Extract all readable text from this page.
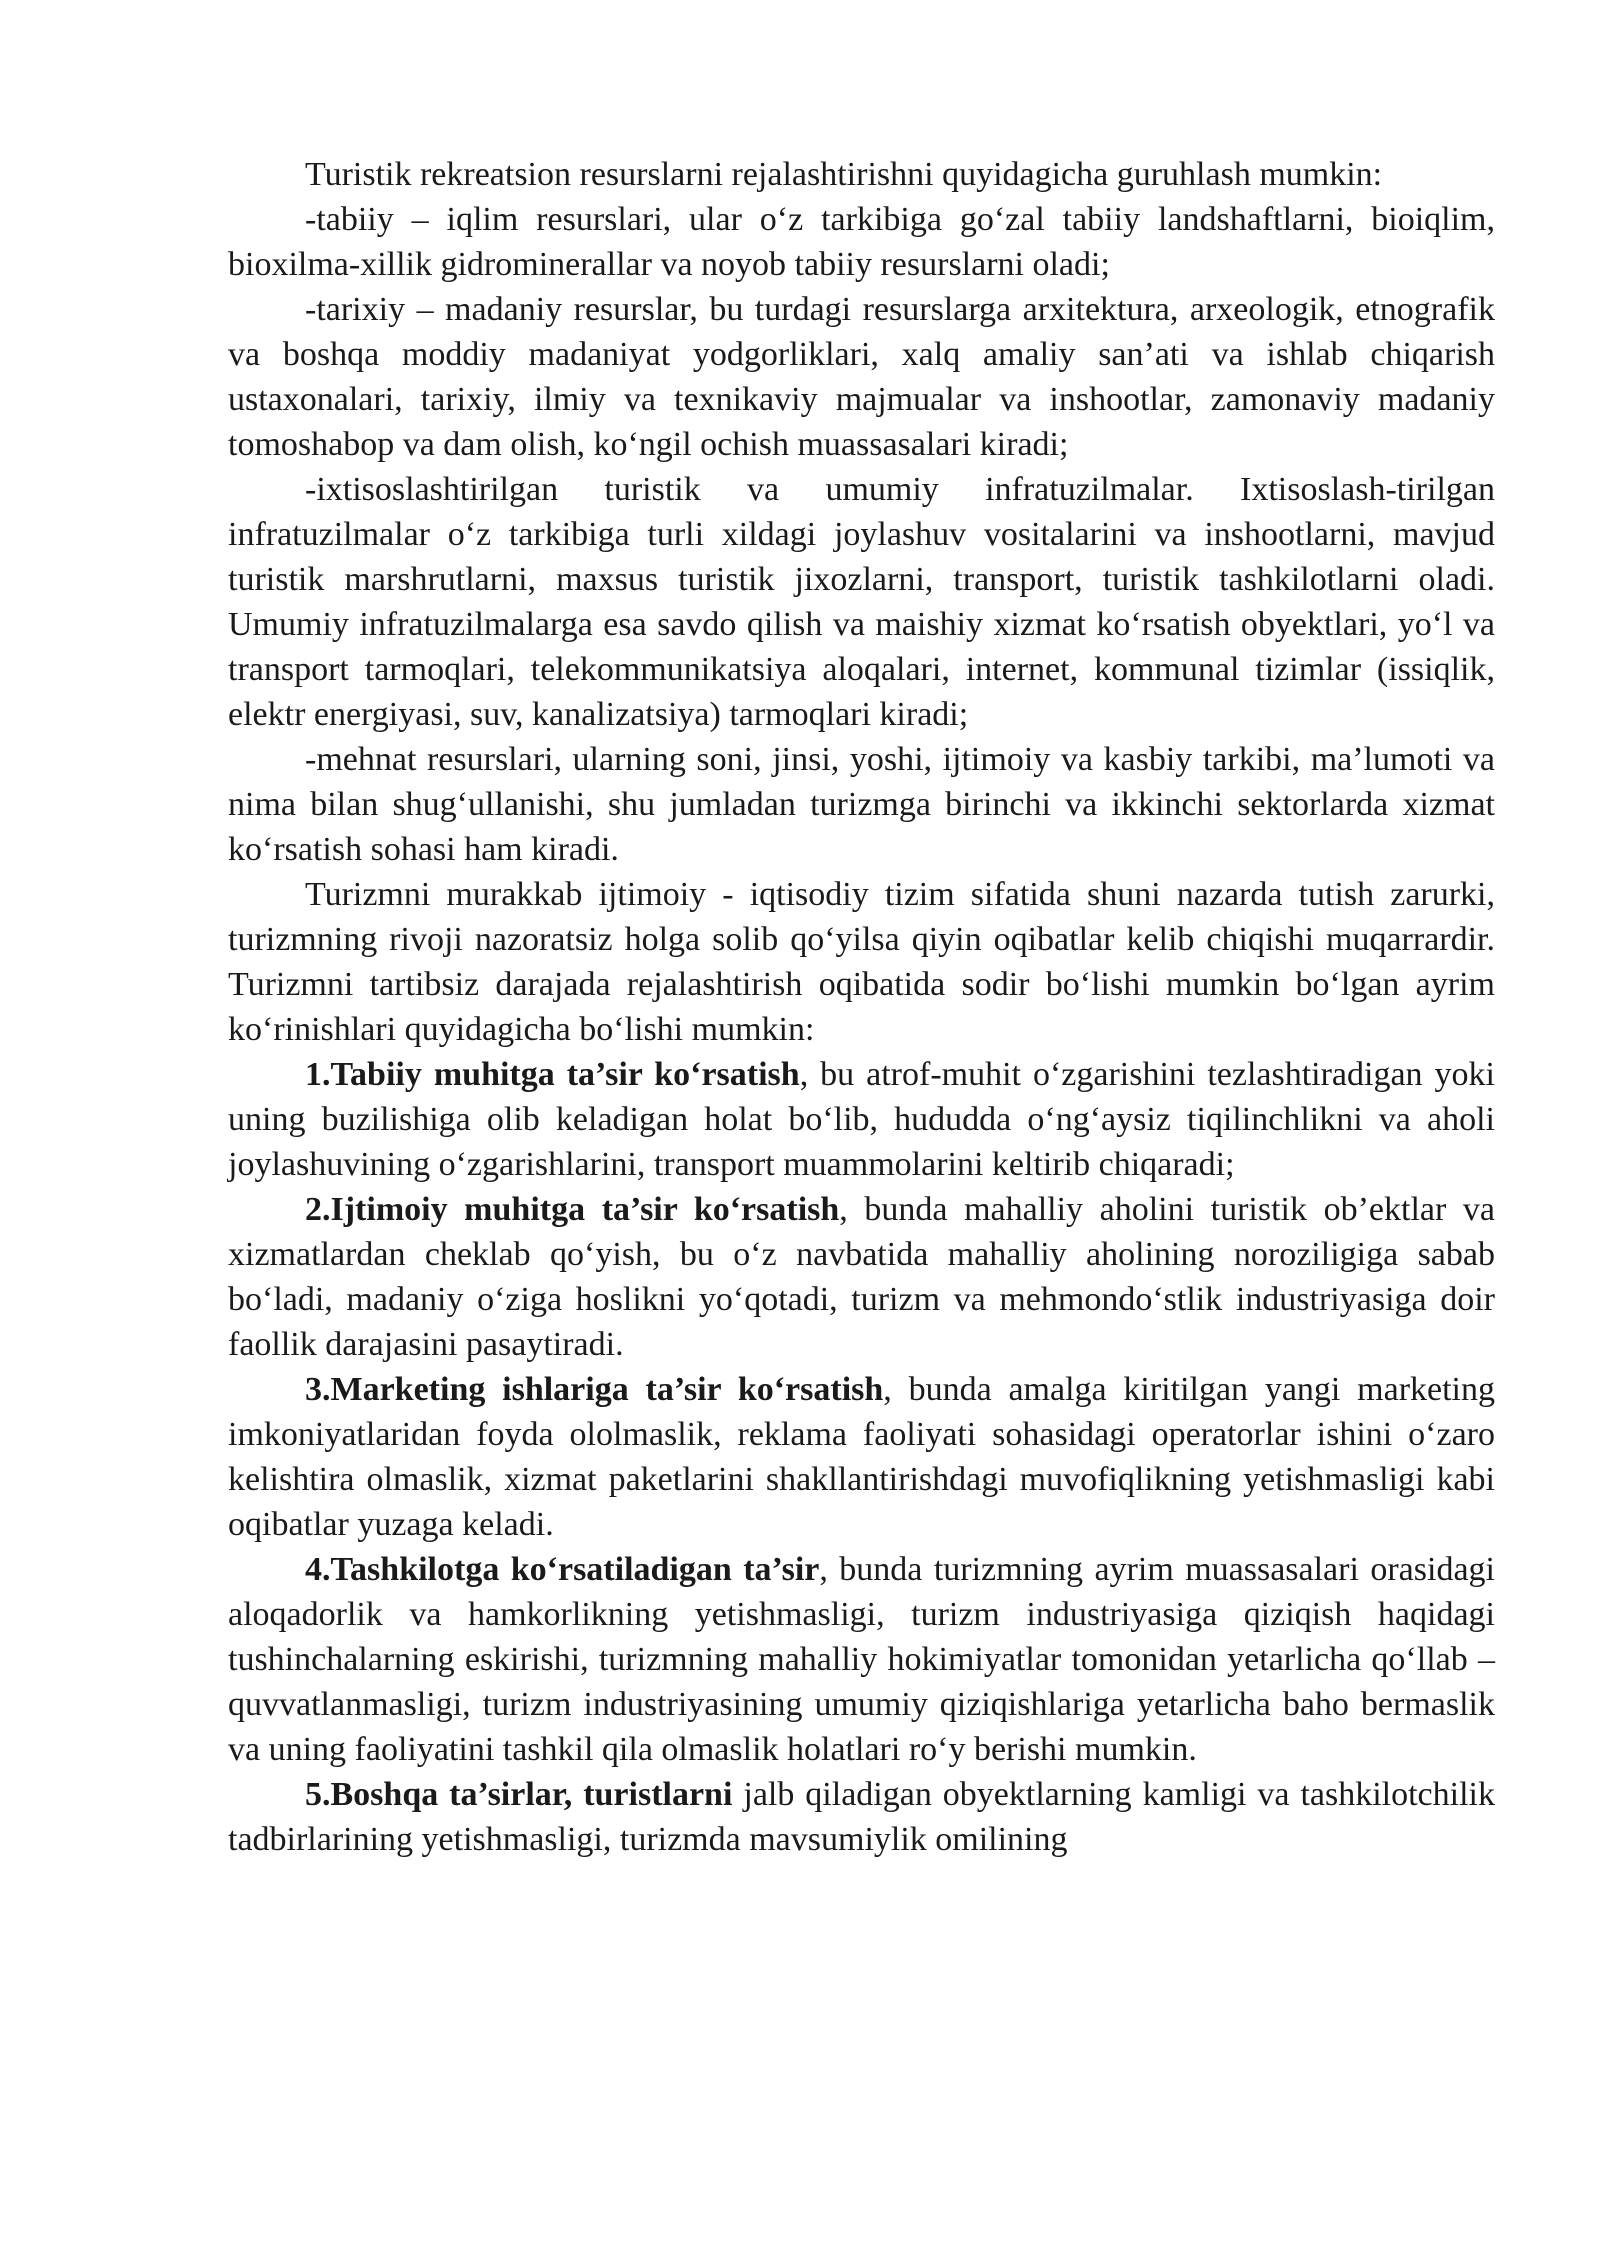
Turistik rekreatsion resurslarni rejalashtirishni quyidagicha guruhlash mumkin:

-tabiiy – iqlim resurslari, ular o‘z tarkibiga go‘zal tabiiy landshaftlarni, bioiqlim, bioxilma-xillik gidrominerallar va noyob tabiiy resurslarni oladi;

-tarixiy – madaniy resurslar, bu turdagi resurslarga arxitektura, arxeologik, etnografik va boshqa moddiy madaniyat yodgorliklari, xalq amaliy san’ati va ishlab chiqarish ustaxonalari, tarixiy, ilmiy va texnikaviy majmualar va inshootlar, zamonaviy madaniy tomoshabop va dam olish, ko‘ngil ochish muassasalari kiradi;

-ixtisoslashtirilgan turistik va umumiy infratuzilmalar. Ixtisoslash-tirilgan infratuzilmalar o‘z tarkibiga turli xildagi joylashuv vositalarini va inshootlarni, mavjud turistik marshrutlarni, maxsus turistik jixozlarni, transport, turistik tashkilotlarni oladi. Umumiy infratuzilmalarga esa savdo qilish va maishiy xizmat ko‘rsatish obyektlari, yo‘l va transport tarmoqlari, telekommunikatsiya aloqalari, internet, kommunal tizimlar (issiqlik, elektr energiyasi, suv, kanalizatsiya) tarmoqlari kiradi;

-mehnat resurslari, ularning soni, jinsi, yoshi, ijtimoiy va kasbiy tarkibi, ma’lumoti va nima bilan shug‘ullanishi, shu jumladan turizmga birinchi va ikkinchi sektorlarda xizmat ko‘rsatish sohasi ham kiradi.

Turizmni murakkab ijtimoiy - iqtisodiy tizim sifatida shuni nazarda tutish zarurki, turizmning rivoji nazoratsiz holga solib qo‘yilsa qiyin oqibatlar kelib chiqishi muqarrardir. Turizmni tartibsiz darajada rejalashtirish oqibatida sodir bo‘lishi mumkin bo‘lgan ayrim ko‘rinishlari quyidagicha bo‘lishi mumkin:

1.Tabiiy muhitga ta’sir ko‘rsatish, bu atrof-muhit o‘zgarishini tezlashtiradigan yoki uning buzilishiga olib keladigan holat bo‘lib, hududda o‘ng‘aysiz tiqilinchlikni va aholi joylashuvining o‘zgarishlarini, transport muammolarini keltirib chiqaradi;

2.Ijtimoiy muhitga ta’sir ko‘rsatish, bunda mahalliy aholini turistik ob’ektlar va xizmatlardan cheklab qo‘yish, bu o‘z navbatida mahalliy aholining noroziligiga sabab bo‘ladi, madaniy o‘ziga hoslikni yo‘qotadi, turizm va mehmondo‘stlik industriyasiga doir faollik darajasini pasaytiradi.

3.Marketing ishlariga ta’sir ko‘rsatish, bunda amalga kiritilgan yangi marketing imkoniyatlaridan foyda ololmaslik, reklama faoliyati sohasidagi operatorlar ishini o‘zaro kelishtira olmaslik, xizmat paketlarini shakllantirishdagi muvofiqlikning yetishmasligi kabi oqibatlar yuzaga keladi.

4.Tashkilotga ko‘rsatiladigan ta’sir, bunda turizmning ayrim muassasalari orasidagi aloqadorlik va hamkorlikning yetishmasligi, turizm industriyasiga qiziqish haqidagi tushinchalarning eskirishi, turizmning mahalliy hokimiyatlar tomonidan yetarlicha qo‘llab – quvvatlanmasligi, turizm industriyasining umumiy qiziqishlariga yetarlicha baho bermaslik va uning faoliyatini tashkil qila olmaslik holatlari ro‘y berishi mumkin.

5.Boshqa ta’sirlar, turistlarni jalb qiladigan obyektlarning kamligi va tashkilotchilik tadbirlarining yetishmasligi, turizmda mavsumiylik omilining
